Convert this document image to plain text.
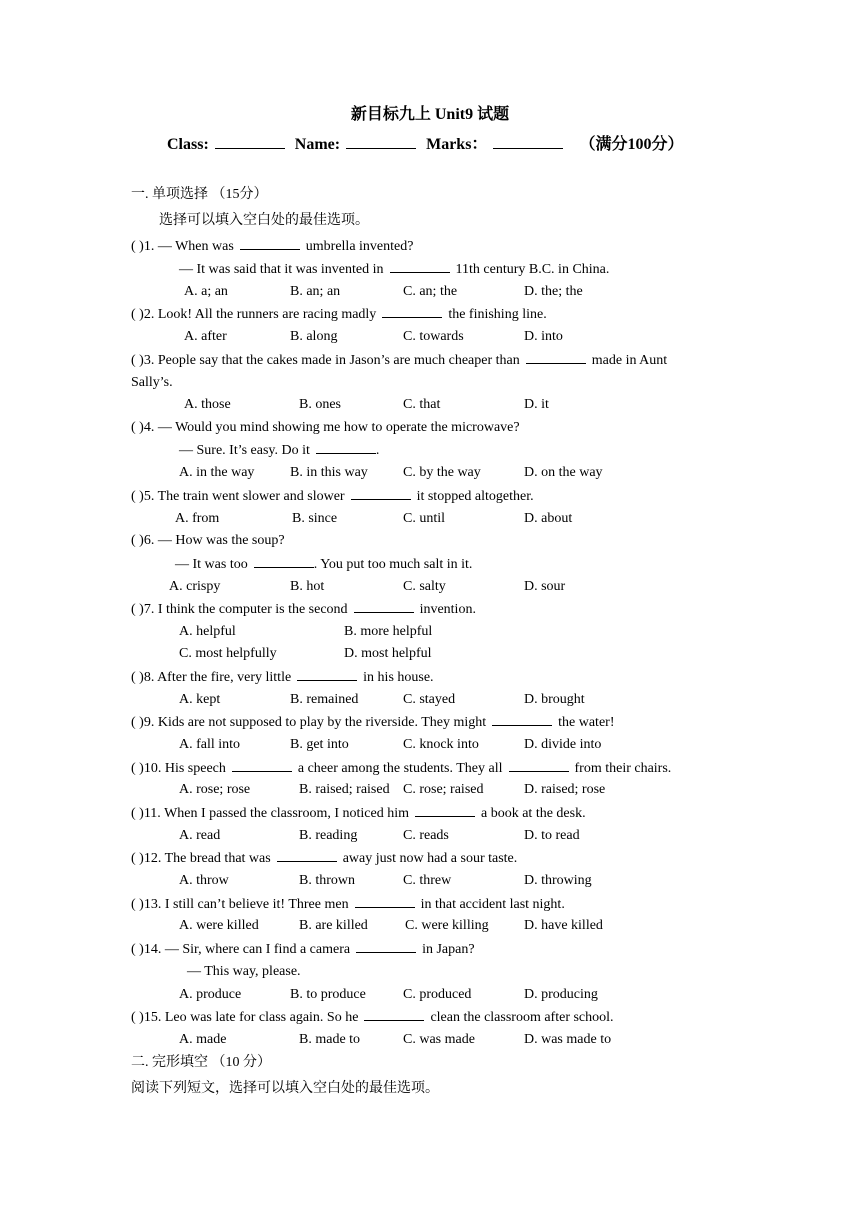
新目标九上 Unit9 试题
Class:	Name:	Marks：	（满分100分）
一. 单项选择 （15分）
选择可以填入空白处的最佳选项。
( )1. — When was	umbrella invented?
— It was said that it was invented in	11th century B.C. in China.
A. a; an	B. an; an	C. an; the	D. the; the
( )2. Look! All the runners are racing madly	the finishing line.
A. after	B. along	C. towards	D. into
( )3. People say that the cakes made in Jason’s are much cheaper than	made in Aunt
Sally’s.
A. those	B. ones	C. that	D. it
( )4. — Would you mind showing me how to operate the microwave?
— Sure. It’s easy. Do it	.
A. in the way	B. in this way	C. by the way	D. on the way
( )5. The train went slower and slower	it stopped altogether.
A. from	B. since	C. until	D. about
( )6. — How was the soup?
— It was too	. You put too much salt in it.
A. crispy	B. hot	C. salty	D. sour
( )7. I think the computer is the second	invention.
A. helpful	B. more helpful
C. most helpfully	D. most helpful
( )8. After the fire, very little	in his house.
A. kept	B. remained	C. stayed	D. brought
( )9. Kids are not supposed to play by the riverside. They might	the water!
A. fall into	B. get into	C. knock into	D. divide into
( )10. His speech	a cheer among the students. They all	from their chairs.
A. rose; rose	B. raised; raised C. rose; raised	D. raised; rose
( )11. When I passed the classroom, I noticed him	a book at the desk.
A. read	B. reading	C. reads	D. to read
( )12. The bread that was	away just now had a sour taste.
A. throw	B. thrown	C. threw	D. throwing
( )13. I still can’t believe it! Three men	in that accident last night.
A. were killed	B. are killed	C. were killing	D. have killed
( )14. — Sir, where can I find a camera	in Japan?
— This way, please.
A. produce	B. to produce	C. produced	D. producing
( )15. Leo was late for class again. So he	clean the classroom after school.
A. made	B. made to	C. was made	D. was made to
二. 完形填空 （10 分）
阅读下列短文，选择可以填入空白处的最佳选项。
